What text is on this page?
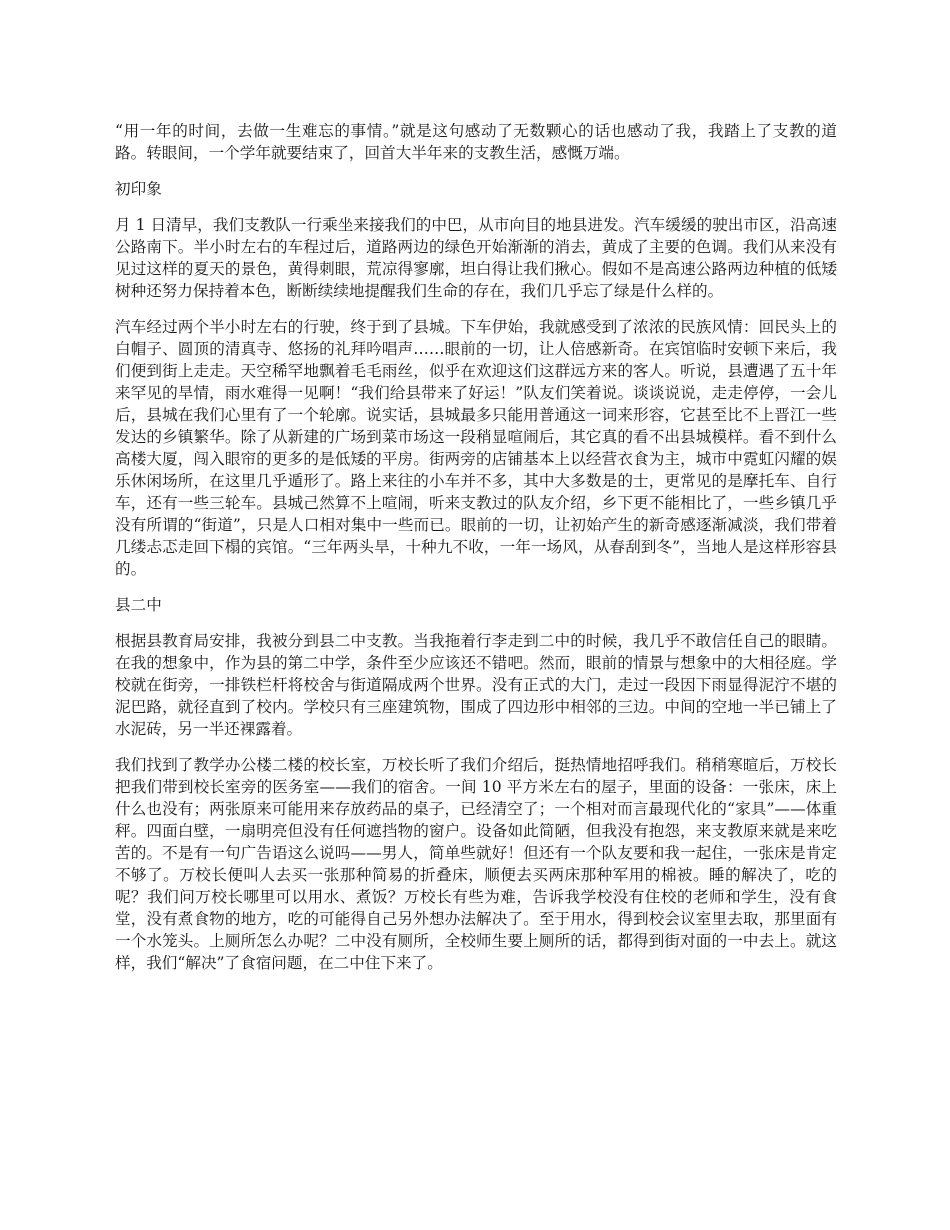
“用一年的时间，去做一生难忘的事情。”就是这句感动了无数颗心的话也感动了我，我踏上了支教的道路。转眼间，一个学年就要结束了，回首大半年来的支教生活，感慨万端。

初印象

月 1 日清早，我们支教队一行乘坐来接我们的中巴，从市向目的地县进发。汽车缓缓的驶出市区，沿高速公路南下。半小时左右的车程过后，道路两边的绿色开始渐渐的消去，黄成了主要的色调。我们从来没有见过这样的夏天的景色，黄得刺眼，荒凉得寥廓，坦白得让我们揪心。假如不是高速公路两边种植的低矮树种还努力保持着本色，断断续续地提醒我们生命的存在，我们几乎忘了绿是什么样的。

汽车经过两个半小时左右的行驶，终于到了县城。下车伊始，我就感受到了浓浓的民族风情：回民头上的白帽子、圆顶的清真寺、悠扬的礼拜吟唱声……眼前的一切，让人倍感新奇。在宾馆临时安顿下来后，我们便到街上走走。天空稀罕地飘着毛毛雨丝，似乎在欢迎这们这群远方来的客人。听说，县遭遇了五十年来罕见的旱情，雨水难得一见啊！“我们给县带来了好运！”队友们笑着说。谈谈说说，走走停停，一会儿后，县城在我们心里有了一个轮廓。说实话，县城最多只能用普通这一词来形容，它甚至比不上晋江一些发达的乡镇繁华。除了从新建的广场到菜市场这一段稍显喧闹后，其它真的看不出县城模样。看不到什么高楼大厦，闯入眼帘的更多的是低矮的平房。街两旁的店铺基本上以经营衣食为主，城市中霓虹闪耀的娱乐休闲场所，在这里几乎遁形了。路上来往的小车并不多，其中大多数是的士，更常见的是摩托车、自行车，还有一些三轮车。县城己然算不上喧闹，听来支教过的队友介绍，乡下更不能相比了，一些乡镇几乎没有所谓的“街道”，只是人口相对集中一些而已。眼前的一切，让初始产生的新奇感逐渐减淡，我们带着几缕忐忑走回下榻的宾馆。“三年两头旱，十种九不收，一年一场风，从春刮到冬”，当地人是这样形容县的。

县二中

根据县教育局安排，我被分到县二中支教。当我拖着行李走到二中的时候，我几乎不敢信任自己的眼睛。在我的想象中，作为县的第二中学，条件至少应该还不错吧。然而，眼前的情景与想象中的大相径庭。学校就在街旁，一排铁栏杆将校舍与街道隔成两个世界。没有正式的大门，走过一段因下雨显得泥泞不堪的泥巴路，就径直到了校内。学校只有三座建筑物，围成了四边形中相邻的三边。中间的空地一半已铺上了水泥砖，另一半还裸露着。

我们找到了教学办公楼二楼的校长室，万校长听了我们介绍后，挺热情地招呼我们。稍稍寒暄后，万校长把我们带到校长室旁的医务室——我们的宿舍。一间 10 平方米左右的屋子，里面的设备：一张床，床上什么也没有；两张原来可能用来存放药品的桌子，已经清空了；一个相对而言最现代化的“家具”——体重秤。四面白壁，一扇明亮但没有任何遮挡物的窗户。设备如此简陋，但我没有抱怨，来支教原来就是来吃苦的。不是有一句广告语这么说吗——男人，简单些就好！但还有一个队友要和我一起住，一张床是肯定不够了。万校长便叫人去买一张那种简易的折叠床，顺便去买两床那种军用的棉被。睡的解决了，吃的呢？我们问万校长哪里可以用水、煮饭？万校长有些为难，告诉我学校没有住校的老师和学生，没有食堂，没有煮食物的地方，吃的可能得自己另外想办法解决了。至于用水，得到校会议室里去取，那里面有一个水笼头。上厕所怎么办呢？二中没有厕所，全校师生要上厕所的话，都得到街对面的一中去上。就这样，我们“解决”了食宿问题，在二中住下来了。
